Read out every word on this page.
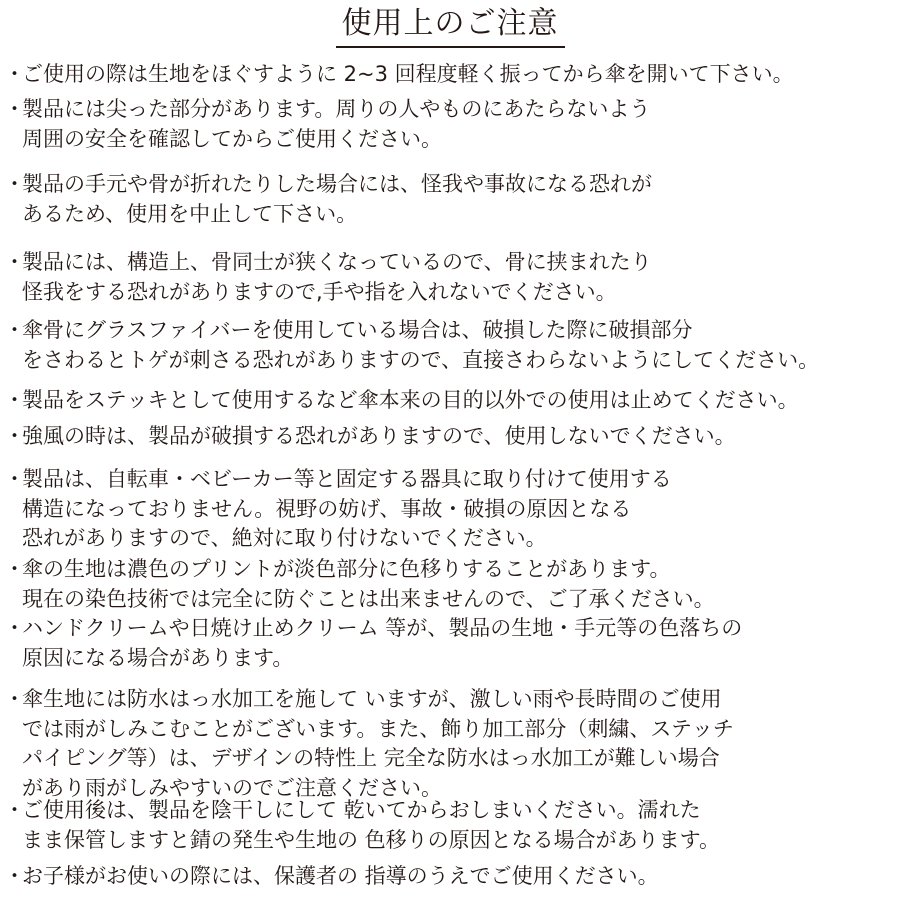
使用上のご注意
・
ご使用の際は生地をほぐすように 2~3 回程度軽く振ってから傘を開いて下さい。
・
製品には尖った部分があります。周りの人やものにあたらないよう
周囲の安全を確認してからご使用ください。
・
製品の手元や骨が折れたりした場合には、怪我や事故になる恐れが
あるため、使用を中止して下さい。
・
製品には、構造上、骨同士が狭くなっているので、骨に挟まれたり
怪我をする恐れがありますので,手や指を入れないでください。
・
傘骨にグラスファイバーを使用している場合は、破損した際に破損部分
をさわるとトゲが刺さる恐れがありますので、直接さわらないようにしてください。
・
製品をステッキとして使用するなど傘本来の目的以外での使用は止めてください。
・
強風の時は、製品が破損する恐れがありますので、使用しないでください。
・
製品は、自転車・ベビーカー等と固定する器具に取り付けて使用する
構造になっておりません。視野の妨げ、事故・破損の原因となる
恐れがありますので、絶対に取り付けないでください。
・
傘の生地は濃色のプリントが淡色部分に色移りすることがあります。
現在の染色技術では完全に防ぐことは出来ませんので、ご了承ください。
・
ハンドクリームや日焼け止めクリーム 等が、製品の生地・手元等の色落ちの
原因になる場合があります。
・
傘生地には防水はっ水加工を施して いますが、激しい雨や長時間のご使用
では雨がしみこむことがございます。また、飾り加工部分（刺繍、ステッチ
パイピング等）は、デザインの特性上 完全な防水はっ水加工が難しい場合
があり雨がしみやすいのでご注意ください。
・
ご使用後は、製品を陰干しにして 乾いてからおしまいください。濡れた
まま保管しますと錆の発生や生地の 色移りの原因となる場合があります。
・
お子様がお使いの際には、保護者の 指導のうえでご使用ください。
